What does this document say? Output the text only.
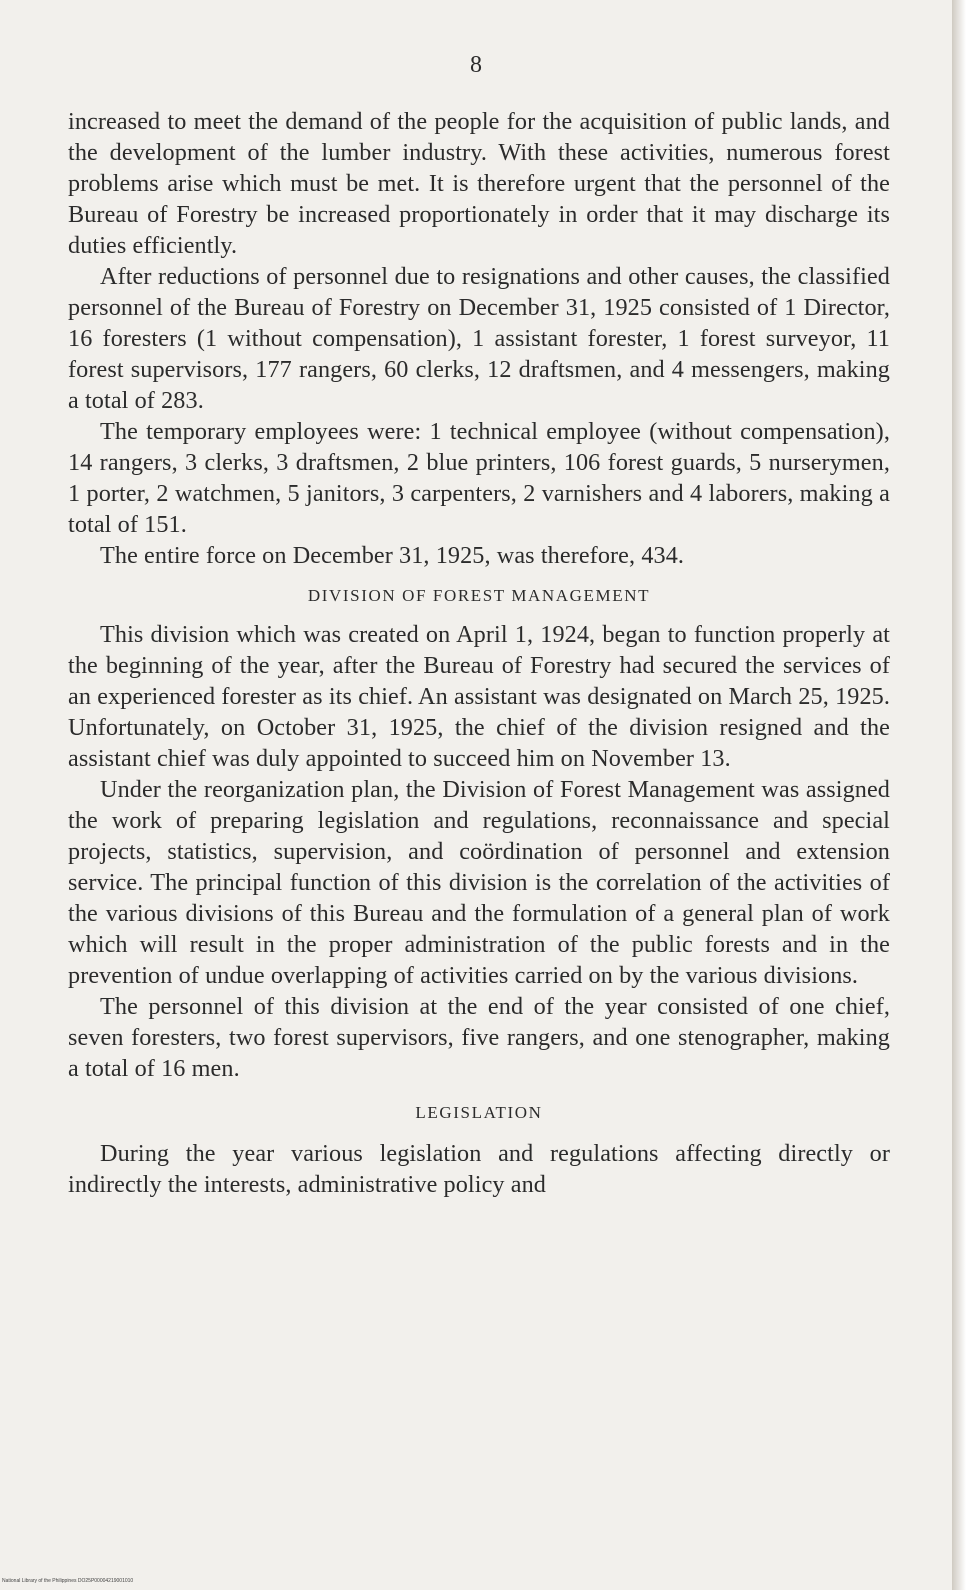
8

increased to meet the demand of the people for the acquisition of public lands, and the development of the lumber industry. With these activities, numerous forest problems arise which must be met. It is therefore urgent that the personnel of the Bureau of Forestry be increased proportionately in order that it may discharge its duties efficiently.

After reductions of personnel due to resignations and other causes, the classified personnel of the Bureau of Forestry on December 31, 1925 consisted of 1 Director, 16 foresters (1 without compensation), 1 assistant forester, 1 forest surveyor, 11 forest supervisors, 177 rangers, 60 clerks, 12 draftsmen, and 4 messengers, making a total of 283.

The temporary employees were: 1 technical employee (without compensation), 14 rangers, 3 clerks, 3 draftsmen, 2 blue printers, 106 forest guards, 5 nurserymen, 1 porter, 2 watchmen, 5 janitors, 3 carpenters, 2 varnishers and 4 laborers, making a total of 151.

The entire force on December 31, 1925, was therefore, 434.

DIVISION OF FOREST MANAGEMENT

This division which was created on April 1, 1924, began to function properly at the beginning of the year, after the Bureau of Forestry had secured the services of an experienced forester as its chief. An assistant was designated on March 25, 1925. Unfortunately, on October 31, 1925, the chief of the division resigned and the assistant chief was duly appointed to succeed him on November 13.

Under the reorganization plan, the Division of Forest Management was assigned the work of preparing legislation and regulations, reconnaissance and special projects, statistics, supervision, and coördination of personnel and extension service. The principal function of this division is the correlation of the activities of the various divisions of this Bureau and the formulation of a general plan of work which will result in the proper administration of the public forests and in the prevention of undue overlapping of activities carried on by the various divisions.

The personnel of this division at the end of the year consisted of one chief, seven foresters, two forest supervisors, five rangers, and one stenographer, making a total of 16 men.

LEGISLATION

During the year various legislation and regulations affecting directly or indirectly the interests, administrative policy and

National Library of the Philippines DO25P00004219001010
